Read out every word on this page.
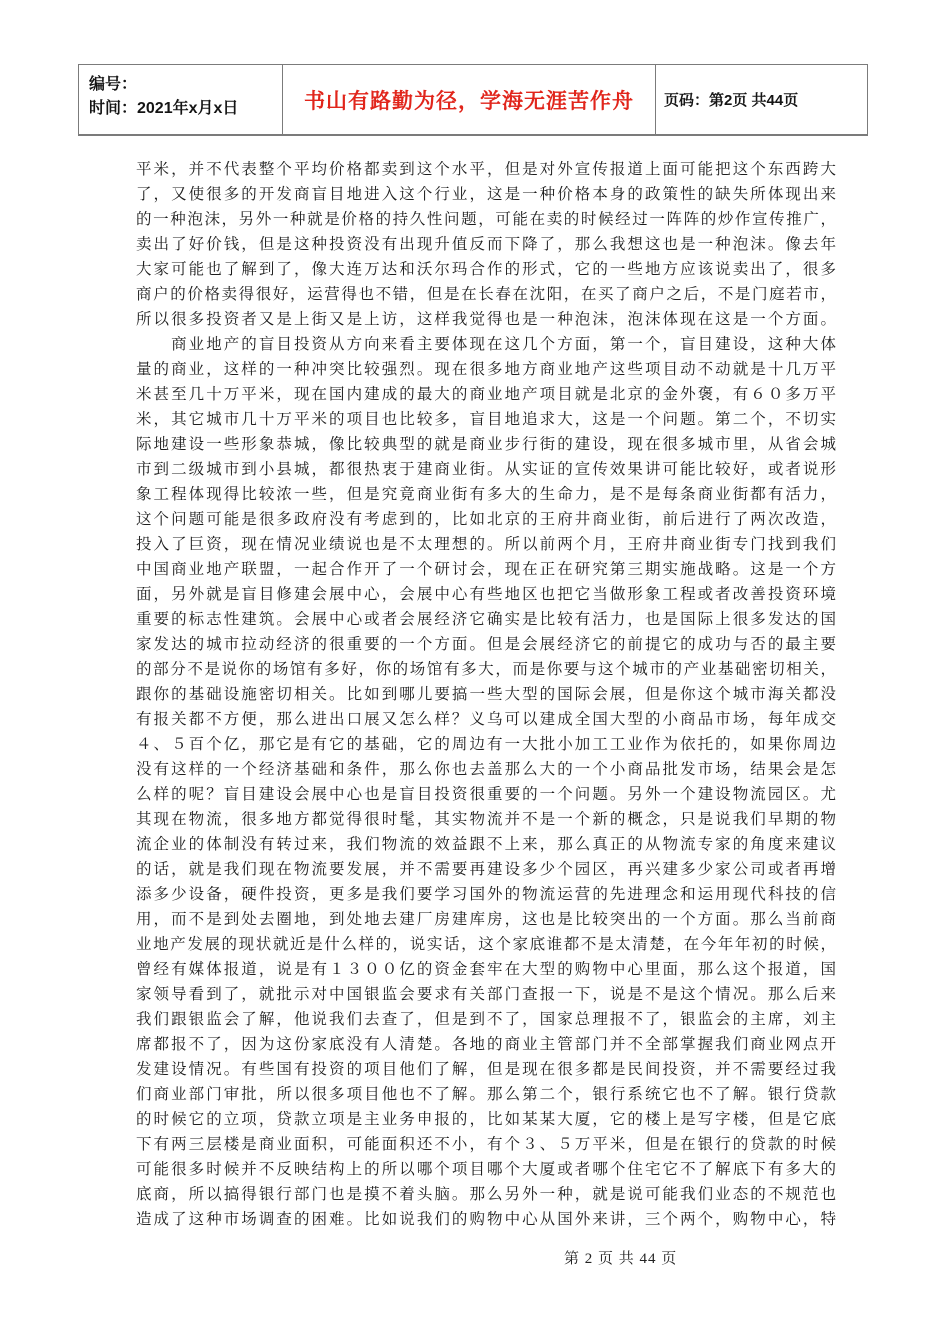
编号：
时间：2021年x月x日	书山有路勤为径，学海无涯苦作舟 页码：第2页 共44页
平米，并不代表整个平均价格都卖到这个水平，但是对外宣传报道上面可能把这个东西跨大
了，又使很多的开发商盲目地进入这个行业，这是一种价格本身的政策性的缺失所体现出来
的一种泡沫，另外一种就是价格的持久性问题，可能在卖的时候经过一阵阵的炒作宣传推广，
卖出了好价钱，但是这种投资没有出现升值反而下降了，那么我想这也是一种泡沫。像去年
大家可能也了解到了，像大连万达和沃尔玛合作的形式，它的一些地方应该说卖出了，很多
商户的价格卖得很好，运营得也不错，但是在长春在沈阳，在买了商户之后，不是门庭若市，
所以很多投资者又是上街又是上访，这样我觉得也是一种泡沫，泡沫体现在这是一个方面。
　　商业地产的盲目投资从方向来看主要体现在这几个方面，第一个，盲目建设，这种大体
量的商业，这样的一种冲突比较强烈。现在很多地方商业地产这些项目动不动就是十几万平
米甚至几十万平米，现在国内建成的最大的商业地产项目就是北京的金外褒，有６０多万平
米，其它城市几十万平米的项目也比较多，盲目地追求大，这是一个问题。第二个，不切实
际地建设一些形象恭城，像比较典型的就是商业步行街的建设，现在很多城市里，从省会城
市到二级城市到小县城，都很热衷于建商业街。从实证的宣传效果讲可能比较好，或者说形
象工程体现得比较浓一些，但是究竟商业街有多大的生命力，是不是每条商业街都有活力，
这个问题可能是很多政府没有考虑到的，比如北京的王府井商业街，前后进行了两次改造，
投入了巨资，现在情况业绩说也是不太理想的。所以前两个月，王府井商业街专门找到我们
中国商业地产联盟，一起合作开了一个研讨会，现在正在研究第三期实施战略。这是一个方
面，另外就是盲目修建会展中心，会展中心有些地区也把它当做形象工程或者改善投资环境
重要的标志性建筑。会展中心或者会展经济它确实是比较有活力，也是国际上很多发达的国
家发达的城市拉动经济的很重要的一个方面。但是会展经济它的前提它的成功与否的最主要
的部分不是说你的场馆有多好，你的场馆有多大，而是你要与这个城市的产业基础密切相关，
跟你的基础设施密切相关。比如到哪儿要搞一些大型的国际会展，但是你这个城市海关都没
有报关都不方便，那么进出口展又怎么样？义乌可以建成全国大型的小商品市场，每年成交
４、５百个亿，那它是有它的基础，它的周边有一大批小加工工业作为依托的，如果你周边
没有这样的一个经济基础和条件，那么你也去盖那么大的一个小商品批发市场，结果会是怎
么样的呢？盲目建设会展中心也是盲目投资很重要的一个问题。另外一个建设物流园区。尤
其现在物流，很多地方都觉得很时髦，其实物流并不是一个新的概念，只是说我们早期的物
流企业的体制没有转过来，我们物流的效益跟不上来，那么真正的从物流专家的角度来建议
的话，就是我们现在物流要发展，并不需要再建设多少个园区，再兴建多少家公司或者再增
添多少设备，硬件投资，更多是我们要学习国外的物流运营的先进理念和运用现代科技的信
用，而不是到处去圈地，到处地去建厂房建库房，这也是比较突出的一个方面。那么当前商
业地产发展的现状就近是什么样的，说实话，这个家底谁都不是太清楚，在今年年初的时候，
曾经有媒体报道，说是有１３００亿的资金套牢在大型的购物中心里面，那么这个报道，国
家领导看到了，就批示对中国银监会要求有关部门查报一下，说是不是这个情况。那么后来
我们跟银监会了解，他说我们去查了，但是到不了，国家总理报不了，银监会的主席，刘主
席都报不了，因为这份家底没有人清楚。各地的商业主管部门并不全部掌握我们商业网点开
发建设情况。有些国有投资的项目他们了解，但是现在很多都是民间投资，并不需要经过我
们商业部门审批，所以很多项目他也不了解。那么第二个，银行系统它也不了解。银行贷款
的时候它的立项，贷款立项是主业务申报的，比如某某大厦，它的楼上是写字楼，但是它底
下有两三层楼是商业面积，可能面积还不小，有个３、５万平米，但是在银行的贷款的时候
可能很多时候并不反映结构上的所以哪个项目哪个大厦或者哪个住宅它不了解底下有多大的
底商，所以搞得银行部门也是摸不着头脑。那么另外一种，就是说可能我们业态的不规范也
造成了这种市场调查的困难。比如说我们的购物中心从国外来讲，三个两个，购物中心，特
第 2 页 共 44 页
